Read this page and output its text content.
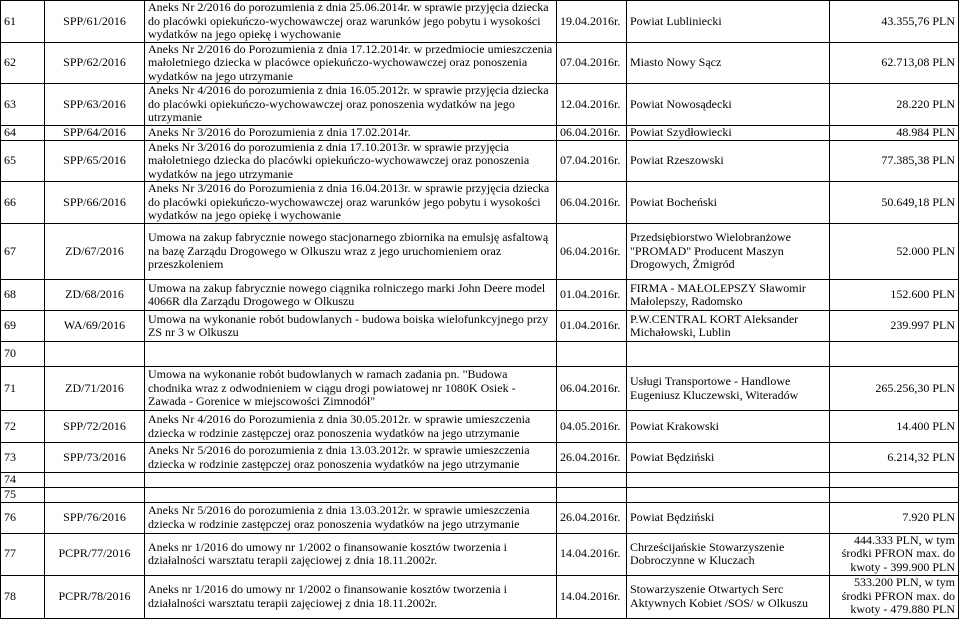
61	SPP/61/2016	Aneks Nr 2/2016 do porozumienia z dnia 25.06.2014r. w sprawie przyjęcia dziecka do placówki opiekuńczo-wychowawczej oraz warunków jego pobytu i wysokości wydatków na jego opiekę i wychowanie	19.04.2016r.	Powiat Lubliniecki	43.355,76 PLN
62	SPP/62/2016	Aneks Nr 2/2016 do Porozumienia z dnia 17.12.2014r. w przedmiocie umieszczenia małoletniego dziecka w placówce opiekuńczo-wychowawczej oraz ponoszenia wydatków na jego utrzymanie	07.04.2016r.	Miasto Nowy Sącz	62.713,08 PLN
63	SPP/63/2016	Aneks Nr 4/2016 do porozumienia z dnia 16.05.2012r. w sprawie przyjęcia dziecka do placówki opiekuńczo-wychowawczej oraz ponoszenia wydatków na jego utrzymanie	12.04.2016r.	Powiat Nowosądecki	28.220 PLN
64	SPP/64/2016	Aneks Nr 3/2016 do Porozumienia z dnia 17.02.2014r.	06.04.2016r.	Powiat Szydłowiecki	48.984 PLN
65	SPP/65/2016	Aneks Nr 3/2016 do porozumienia z dnia 17.10.2013r. w sprawie przyjęcia małoletniego dziecka do placówki opiekuńczo-wychowawczej oraz ponoszenia wydatków na jego utrzymanie	07.04.2016r.	Powiat Rzeszowski	77.385,38 PLN
66	SPP/66/2016	Aneks Nr 3/2016 do Porozumienia z dnia 16.04.2013r. w sprawie przyjęcia dziecka do placówki opiekuńczo-wychowawczej oraz warunków jego pobytu i wysokości wydatków na jego opiekę i wychowanie	06.04.2016r.	Powiat Bocheński	50.649,18 PLN
67	ZD/67/2016	Umowa na zakup fabrycznie nowego stacjonarnego zbiornika na emulsję asfaltową na bazę Zarządu Drogowego w Olkuszu wraz z jego uruchomieniem oraz przeszkoleniem	06.04.2016r.	Przedsiębiorstwo Wielobranżowe "PROMAD" Producent Maszyn Drogowych, Żmigród	52.000 PLN
68	ZD/68/2016	Umowa na zakup fabrycznie nowego ciągnika rolniczego marki John Deere model 4066R dla Zarządu Drogowego w Olkuszu	01.04.2016r.	FIRMA - MAŁOLEPSZY Sławomir Małolepszy, Radomsko	152.600 PLN
69	WA/69/2016	Umowa na wykonanie robót budowlanych - budowa boiska wielofunkcyjnego przy ZS nr 3 w Olkuszu	01.04.2016r.	P.W.CENTRAL KORT Aleksander Michałowski, Lublin	239.997 PLN
70					
71	ZD/71/2016	Umowa na wykonanie robót budowlanych w ramach zadania pn. "Budowa chodnika wraz z odwodnieniem w ciągu drogi powiatowej nr 1080K Osiek - Zawada - Gorenice w miejscowości Zimnodół"	06.04.2016r.	Usługi Transportowe - Handlowe Eugeniusz Kluczewski, Witeradów	265.256,30 PLN
72	SPP/72/2016	Aneks Nr 4/2016 do Porozumienia z dnia 30.05.2012r. w sprawie umieszczenia dziecka w rodzinie zastępczej oraz ponoszenia wydatków na jego utrzymanie	04.05.2016r.	Powiat Krakowski	14.400 PLN
73	SPP/73/2016	Aneks Nr 5/2016 do porozumienia z dnia 13.03.2012r. w sprawie umieszczenia dziecka w rodzinie zastępczej oraz ponoszenia wydatków na jego utrzymanie	26.04.2016r.	Powiat Będziński	6.214,32 PLN
74					
75					
76	SPP/76/2016	Aneks Nr 5/2016 do porozumienia z dnia 13.03.2012r. w sprawie umieszczenia dziecka w rodzinie zastępczej oraz ponoszenia wydatków na jego utrzymanie	26.04.2016r.	Powiat Będziński	7.920 PLN
77	PCPR/77/2016	Aneks nr 1/2016 do umowy nr 1/2002 o finansowanie kosztów tworzenia i działalności warsztatu terapii zajęciowej z dnia 18.11.2002r.	14.04.2016r.	Chrześcijańskie Stowarzyszenie Dobroczynne w Kluczach	444.333 PLN, w tym środki PFRON max. do kwoty - 399.900 PLN
78	PCPR/78/2016	Aneks nr 1/2016 do umowy nr 1/2002 o finansowanie kosztów tworzenia i działalności warsztatu terapii zajęciowej z dnia 18.11.2002r.	14.04.2016r.	Stowarzyszenie Otwartych Serc Aktywnych Kobiet /SOS/ w Olkuszu	533.200 PLN, w tym środki PFRON max. do kwoty - 479.880 PLN
